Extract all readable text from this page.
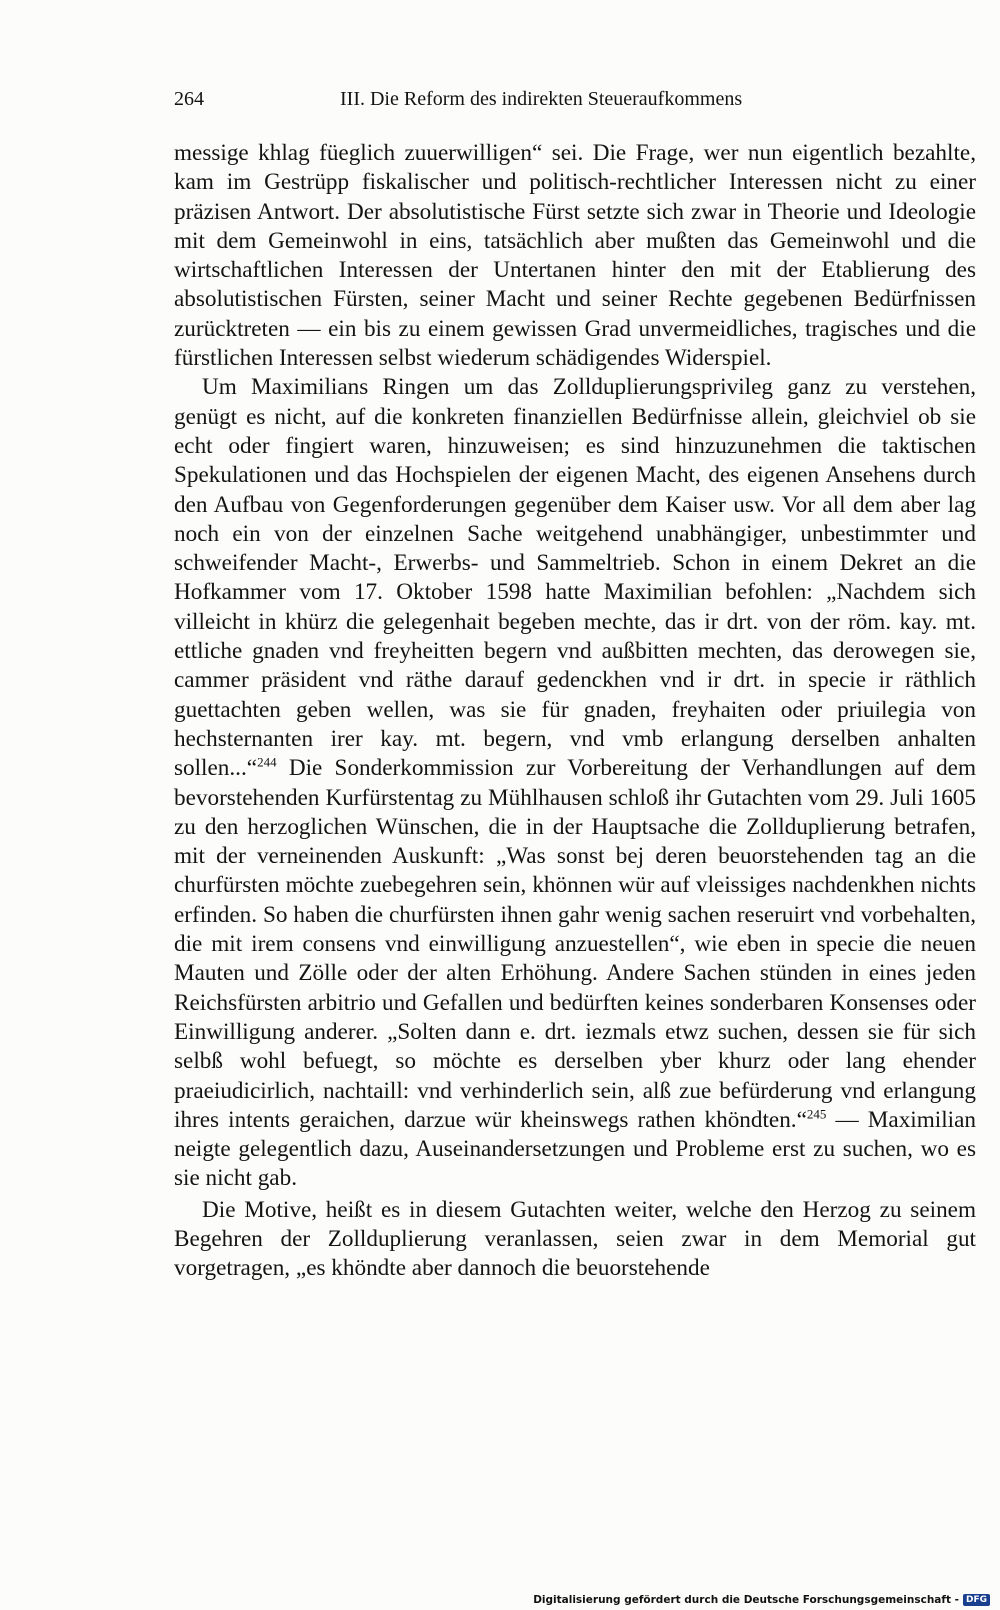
264	III. Die Reform des indirekten Steueraufkommens

messige khlag füeglich zuuerwilligen“ sei. Die Frage, wer nun eigentlich bezahlte, kam im Gestrüpp fiskalischer und politisch-rechtlicher Interessen nicht zu einer präzisen Antwort. Der absolutistische Fürst setzte sich zwar in Theorie und Ideologie mit dem Gemeinwohl in eins, tatsächlich aber mußten das Gemeinwohl und die wirtschaftlichen Interessen der Untertanen hinter den mit der Etablierung des absolutistischen Fürsten, seiner Macht und seiner Rechte gegebenen Bedürfnissen zurücktreten — ein bis zu einem gewissen Grad unvermeidliches, tragisches und die fürstlichen Interessen selbst wiederum schädigendes Widerspiel.

Um Maximilians Ringen um das Zollduplierungsprivileg ganz zu verstehen, genügt es nicht, auf die konkreten finanziellen Bedürfnisse allein, gleichviel ob sie echt oder fingiert waren, hinzuweisen; es sind hinzuzunehmen die taktischen Spekulationen und das Hochspielen der eigenen Macht, des eigenen Ansehens durch den Aufbau von Gegenforderungen gegenüber dem Kaiser usw. Vor all dem aber lag noch ein von der einzelnen Sache weitgehend unabhängiger, unbestimmter und schweifender Macht-, Erwerbs- und Sammeltrieb. Schon in einem Dekret an die Hofkammer vom 17. Oktober 1598 hatte Maximilian befohlen: „Nachdem sich villeicht in khürz die gelegenhait begeben mechte, das ir drt. von der röm. kay. mt. ettliche gnaden vnd freyheitten begern vnd außbitten mechten, das derowegen sie, cammer präsident vnd räthe darauf gedenckhen vnd ir drt. in specie ir räthlich guettachten geben wellen, was sie für gnaden, freyhaiten oder priuilegia von hechsternanten irer kay. mt. begern, vnd vmb erlangung derselben anhalten sollen...“$^{244}$ Die Sonderkommission zur Vorbereitung der Verhandlungen auf dem bevorstehenden Kurfürstentag zu Mühlhausen schloß ihr Gutachten vom 29. Juli 1605 zu den herzoglichen Wünschen, die in der Hauptsache die Zollduplierung betrafen, mit der verneinenden Auskunft: „Was sonst bej deren beuorstehenden tag an die churfürsten möchte zuebegehren sein, khönnen wür auf vleissiges nachdenkhen nichts erfinden. So haben die churfürsten ihnen gahr wenig sachen reseruirt vnd vorbehalten, die mit irem consens vnd einwilligung anzuestellen“, wie eben in specie die neuen Mauten und Zölle oder der alten Erhöhung. Andere Sachen stünden in eines jeden Reichsfürsten arbitrio und Gefallen und bedürften keines sonderbaren Konsenses oder Einwilligung anderer. „Solten dann e. drt. iezmals etwz suchen, dessen sie für sich selbß wohl befuegt, so möchte es derselben yber khurz oder lang ehender praeiudicirlich, nachtaill: vnd verhinderlich sein, alß zue befürderung vnd erlangung ihres intents geraichen, darzue wür kheinswegs rathen khöndten.“$^{245}$ — Maximilian neigte gelegentlich dazu, Auseinandersetzungen und Probleme erst zu suchen, wo es sie nicht gab.

Die Motive, heißt es in diesem Gutachten weiter, welche den Herzog zu seinem Begehren der Zollduplierung veranlassen, seien zwar in dem Memorial gut vorgetragen, „es khöndte aber dannoch die beuorstehende

Digitalisierung gefördert durch die Deutsche Forschungsgemeinschaft - DFG
